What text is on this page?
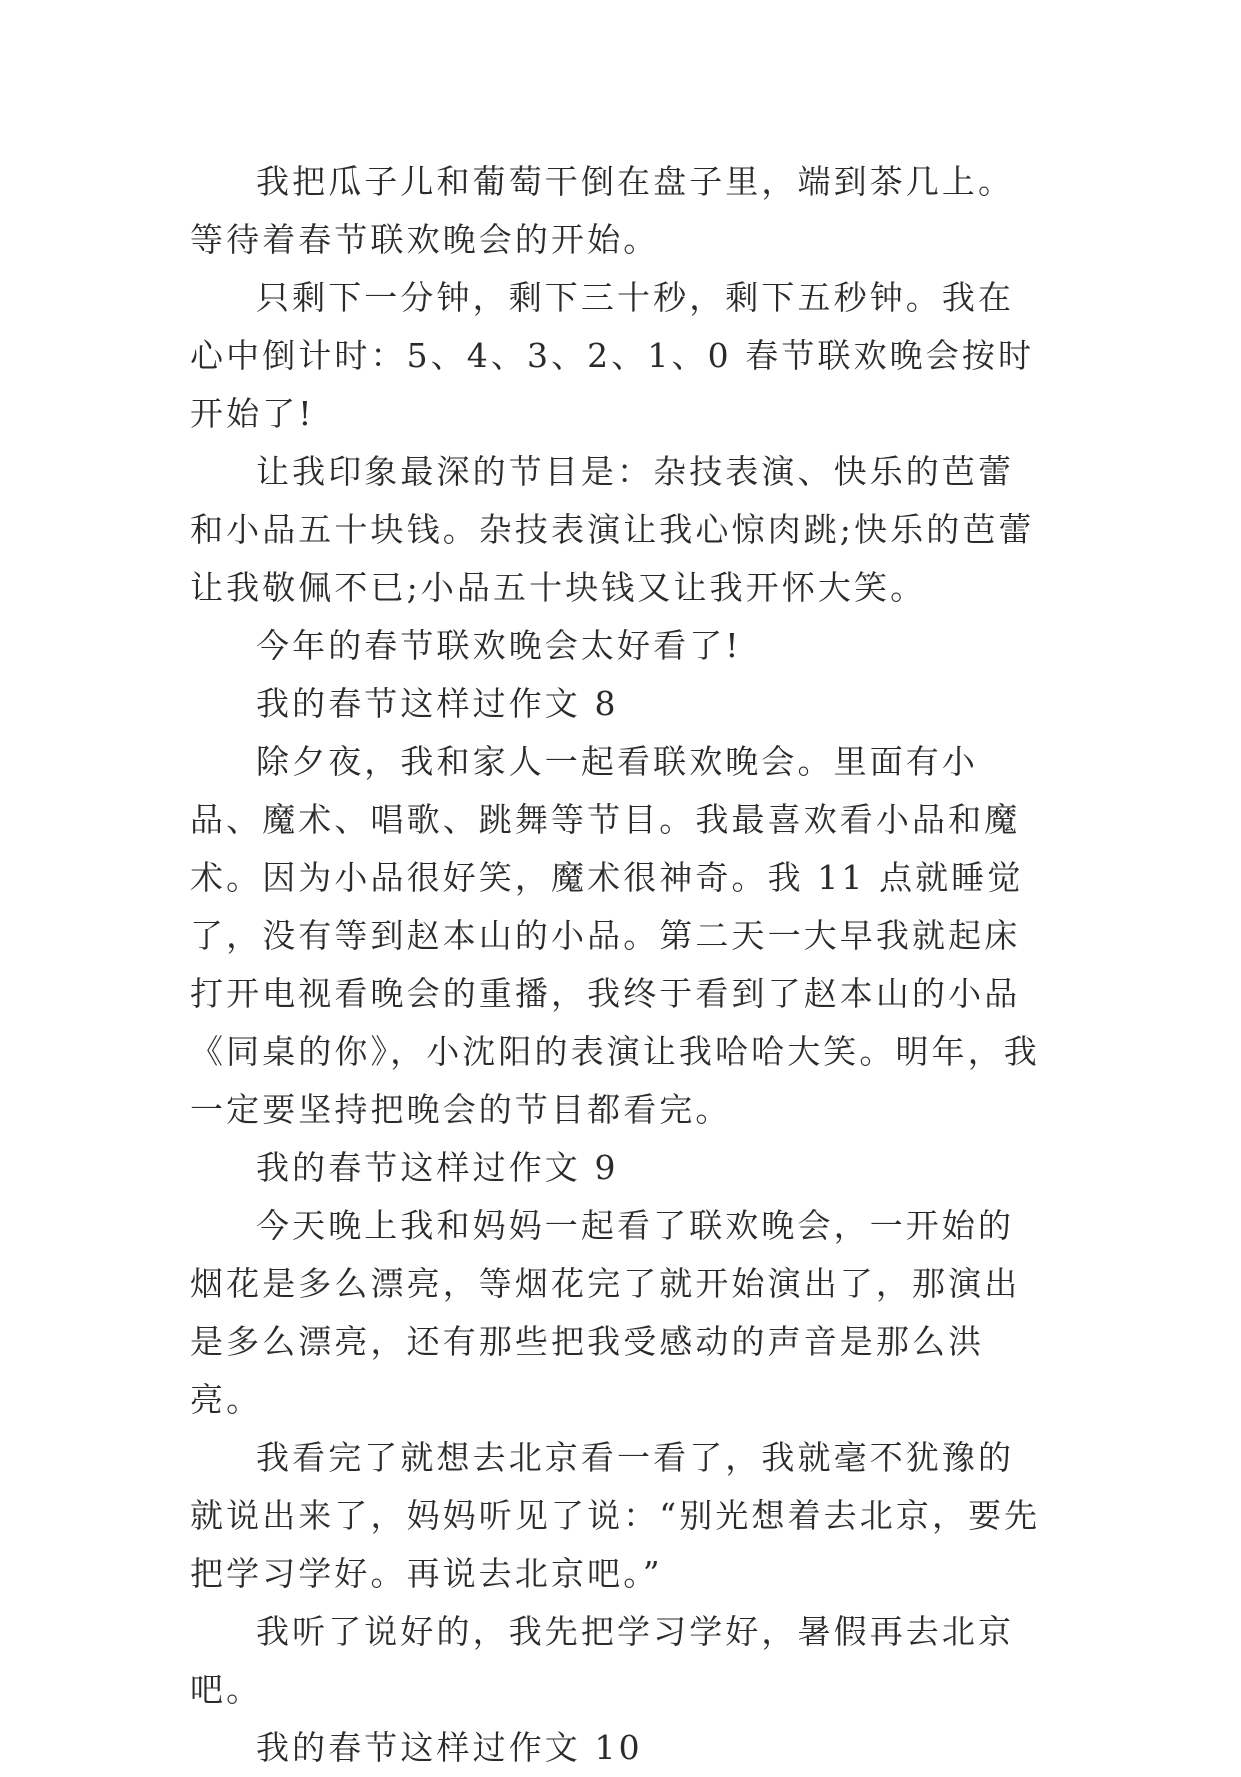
我把瓜子儿和葡萄干倒在盘子里，端到茶几上。等待着春节联欢晚会的开始。

只剩下一分钟，剩下三十秒，剩下五秒钟。我在心中倒计时：5、4、3、2、1、0 春节联欢晚会按时开始了!

让我印象最深的节目是：杂技表演、快乐的芭蕾和小品五十块钱。杂技表演让我心惊肉跳;快乐的芭蕾让我敬佩不已;小品五十块钱又让我开怀大笑。

今年的春节联欢晚会太好看了!

我的春节这样过作文 8

除夕夜，我和家人一起看联欢晚会。里面有小品、魔术、唱歌、跳舞等节目。我最喜欢看小品和魔术。因为小品很好笑，魔术很神奇。我 11 点就睡觉了，没有等到赵本山的小品。第二天一大早我就起床打开电视看晚会的重播，我终于看到了赵本山的小品《同桌的你》，小沈阳的表演让我哈哈大笑。明年，我一定要坚持把晚会的节目都看完。

我的春节这样过作文 9

今天晚上我和妈妈一起看了联欢晚会，一开始的烟花是多么漂亮，等烟花完了就开始演出了，那演出是多么漂亮，还有那些把我受感动的声音是那么洪亮。

我看完了就想去北京看一看了，我就毫不犹豫的就说出来了，妈妈听见了说：“别光想着去北京，要先把学习学好。再说去北京吧。”

我听了说好的，我先把学习学好，暑假再去北京吧。

我的春节这样过作文 10
